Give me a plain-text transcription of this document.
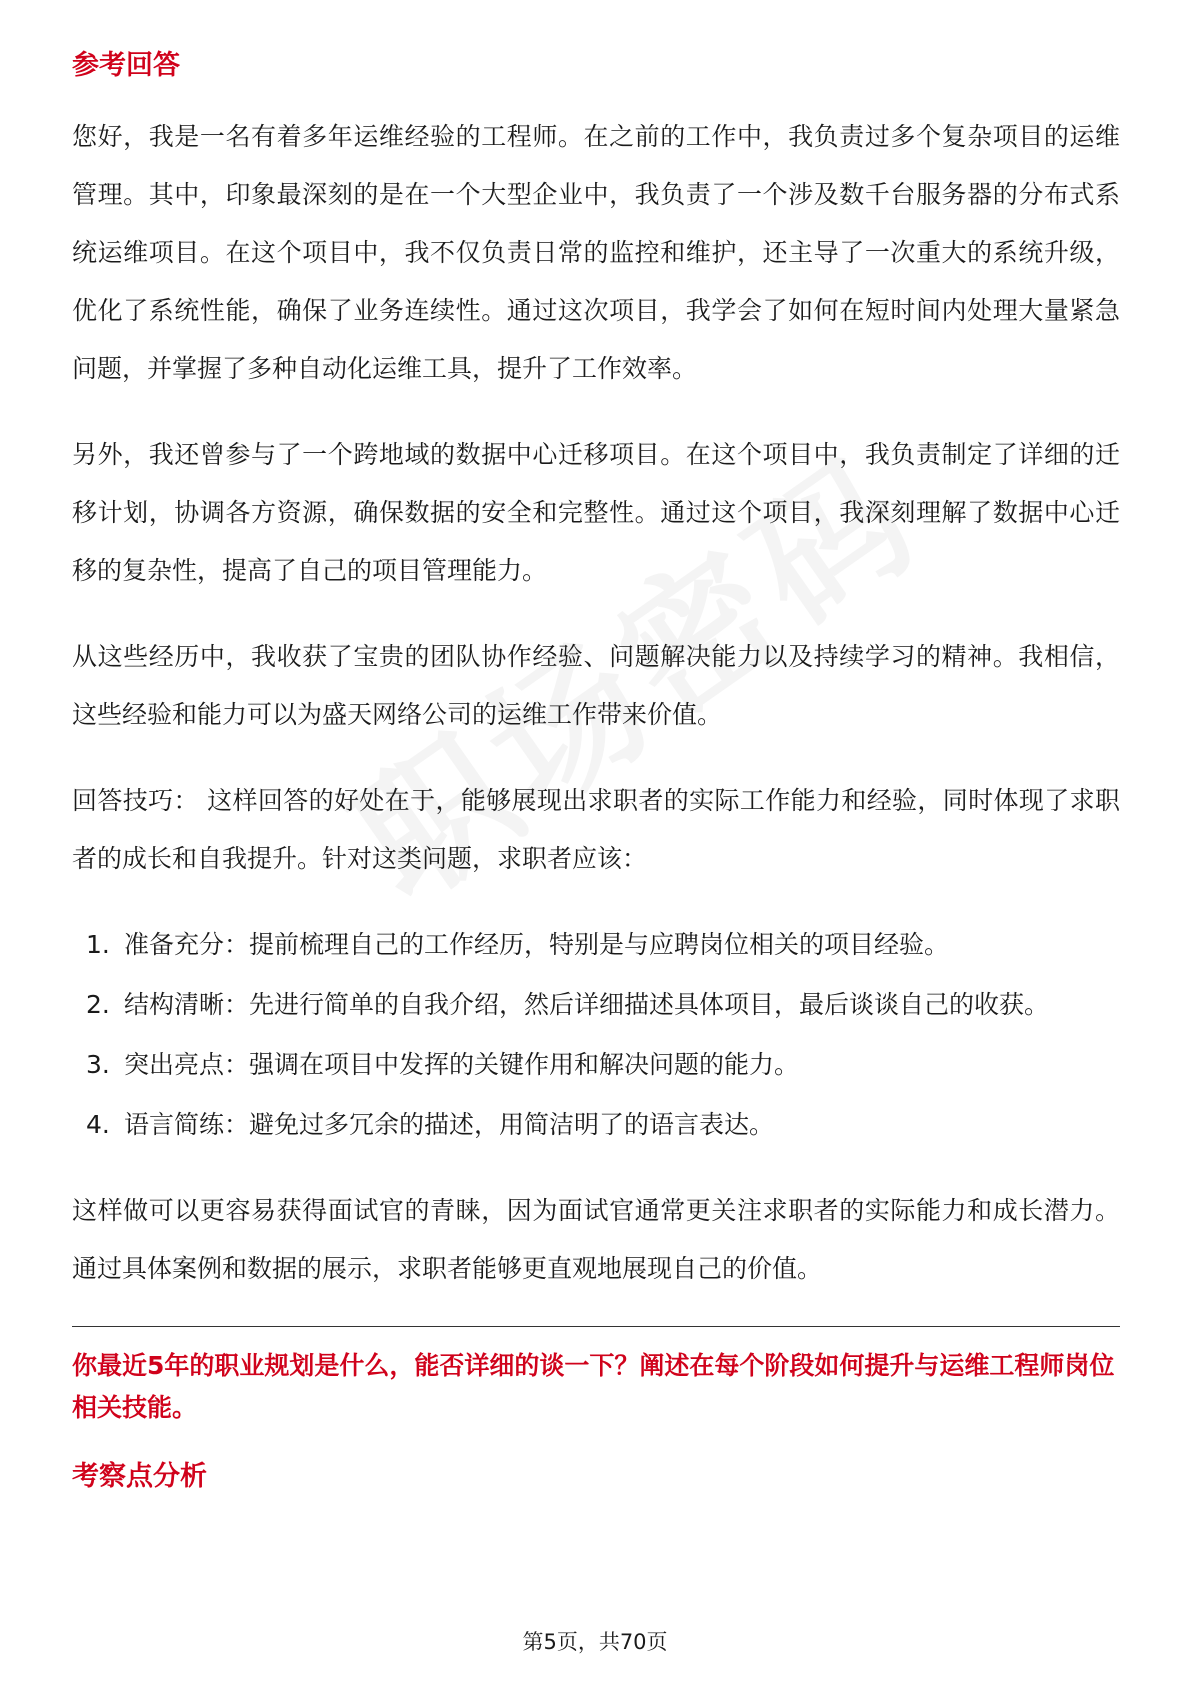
参考回答

您好，我是一名有着多年运维经验的工程师。在之前的工作中，我负责过多个复杂项目的运维管理。其中，印象最深刻的是在一个大型企业中，我负责了一个涉及数千台服务器的分布式系统运维项目。在这个项目中，我不仅负责日常的监控和维护，还主导了一次重大的系统升级，优化了系统性能，确保了业务连续性。通过这次项目，我学会了如何在短时间内处理大量紧急问题，并掌握了多种自动化运维工具，提升了工作效率。

另外，我还曾参与了一个跨地域的数据中心迁移项目。在这个项目中，我负责制定了详细的迁移计划，协调各方资源，确保数据的安全和完整性。通过这个项目，我深刻理解了数据中心迁移的复杂性，提高了自己的项目管理能力。

从这些经历中，我收获了宝贵的团队协作经验、问题解决能力以及持续学习的精神。我相信，这些经验和能力可以为盛天网络公司的运维工作带来价值。

回答技巧： 这样回答的好处在于，能够展现出求职者的实际工作能力和经验，同时体现了求职者的成长和自我提升。针对这类问题，求职者应该：

1. 准备充分：提前梳理自己的工作经历，特别是与应聘岗位相关的项目经验。
2. 结构清晰：先进行简单的自我介绍，然后详细描述具体项目，最后谈谈自己的收获。
3. 突出亮点：强调在项目中发挥的关键作用和解决问题的能力。
4. 语言简练：避免过多冗余的描述，用简洁明了的语言表达。

这样做可以更容易获得面试官的青睐，因为面试官通常更关注求职者的实际能力和成长潜力。通过具体案例和数据的展示，求职者能够更直观地展现自己的价值。

你最近5年的职业规划是什么，能否详细的谈一下？阐述在每个阶段如何提升与运维工程师岗位相关技能。
考察点分析
第5页，共70页
